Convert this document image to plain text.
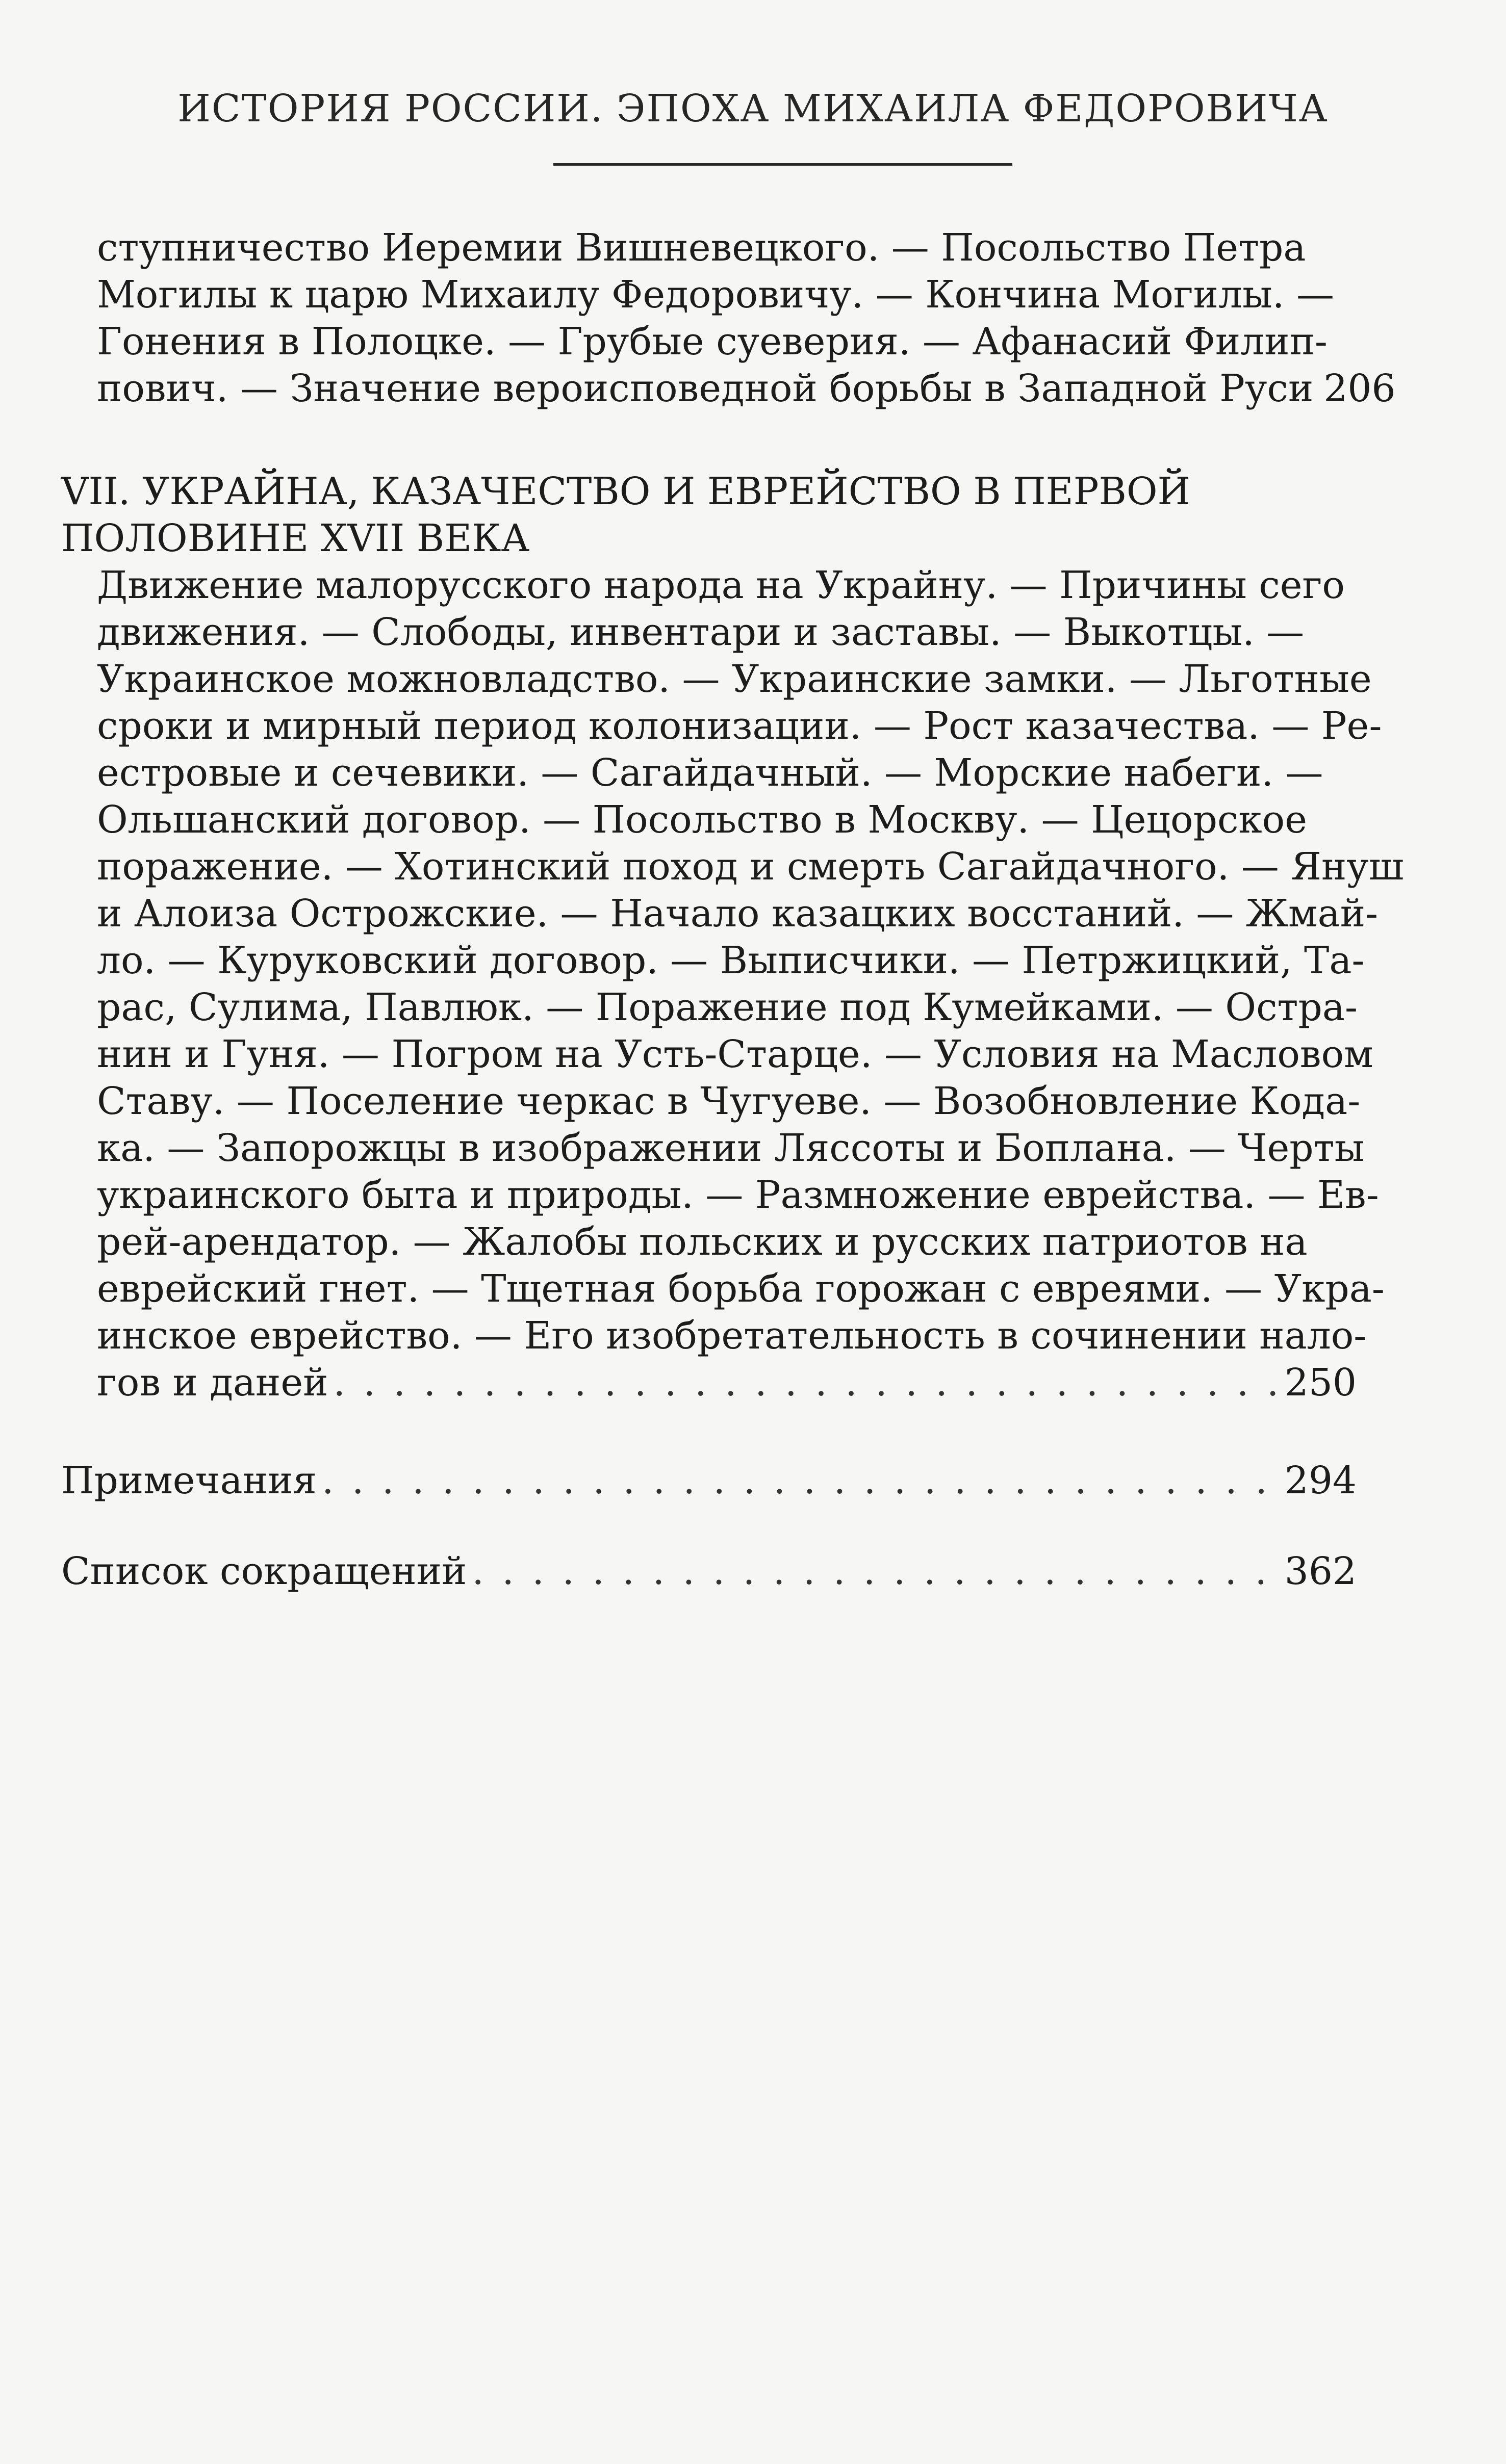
ИСТОРИЯ РОССИИ. ЭПОХА МИХАИЛА ФЕДОРОВИЧА
ступничество Иеремии Вишневецкого. — Посольство Петра
Могилы к царю Михаилу Федоровичу. — Кончина Могилы. —
Гонения в Полоцке. — Грубые суеверия. — Афанасий Филип-
пович. — Значение вероисповедной борьбы в Западной Руси 206
VII. УКРАЙНА, КАЗАЧЕСТВО И ЕВРЕЙСТВО В ПЕРВОЙ
ПОЛОВИНЕ XVII ВЕКА
Движение малорусского народа на Украйну. — Причины сего
движения. — Слободы, инвентари и заставы. — Выкотцы. —
Украинское можновладство. — Украинские замки. — Льготные
сроки и мирный период колонизации. — Рост казачества. — Ре-
естровые и сечевики. — Сагайдачный. — Морские набеги. —
Ольшанский договор. — Посольство в Москву. — Цецорское
поражение. — Хотинский поход и смерть Сагайдачного. — Януш
и Алоиза Острожские. — Начало казацких восстаний. — Жмай-
ло. — Куруковский договор. — Выписчики. — Петржицкий, Та-
рас, Сулима, Павлюк. — Поражение под Кумейками. — Остра-
нин и Гуня. — Погром на Усть-Старце. — Условия на Масловом
Ставу. — Поселение черкас в Чугуеве. — Возобновление Кода-
ка. — Запорожцы в изображении Ляссоты и Боплана. — Черты
украинского быта и природы. — Размножение еврейства. — Ев-
рей-арендатор. — Жалобы польских и русских патриотов на
еврейский гнет. — Тщетная борьба горожан с евреями. — Укра-
инское еврейство. — Его изобретательность в сочинении нало-
гов и даней . . .	250
Примечания . . .	294
Список сокращений . . .	362
